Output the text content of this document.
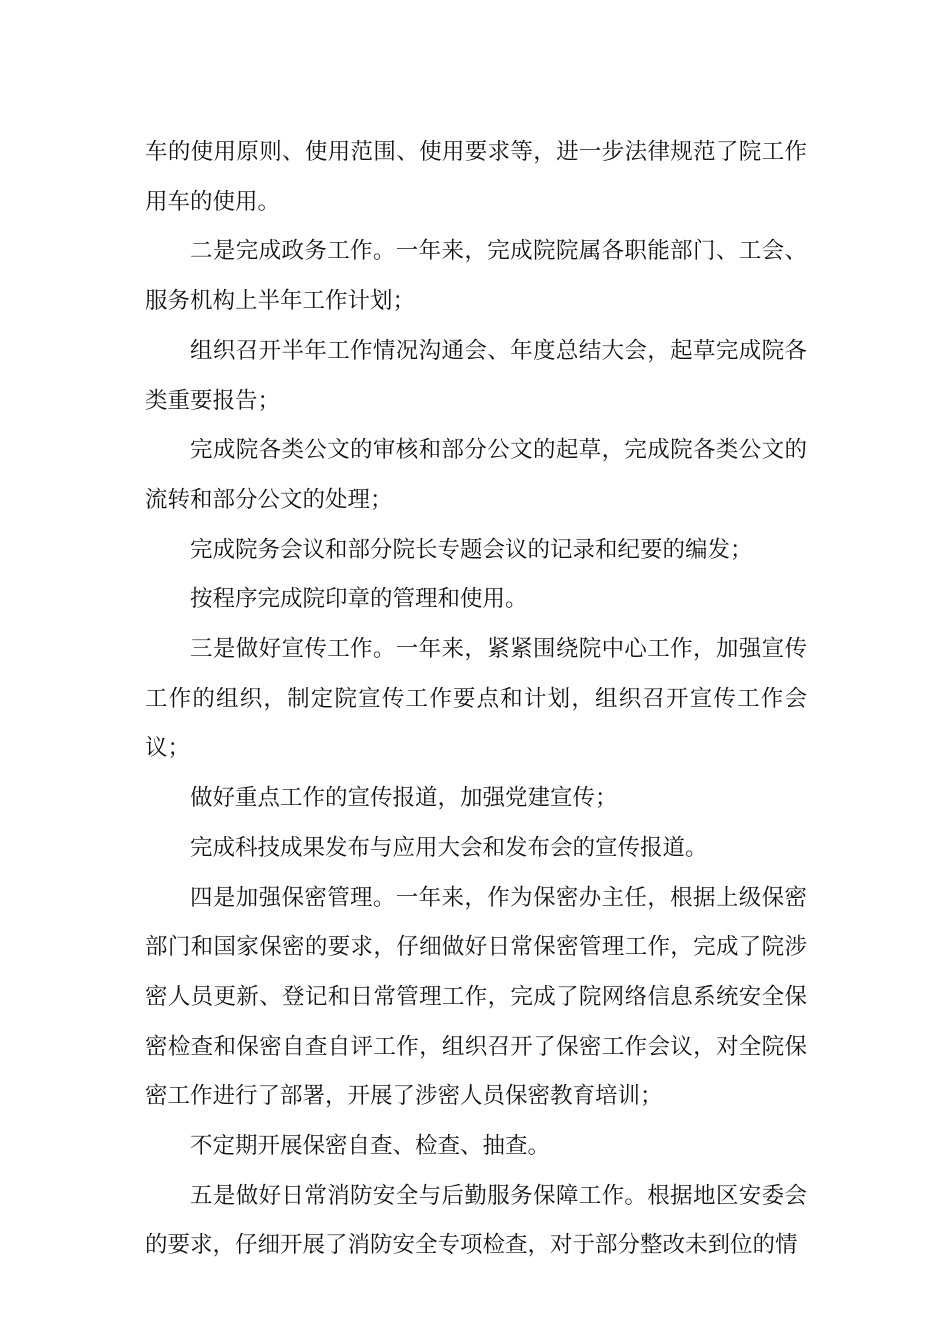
车的使用原则、使用范围、使用要求等，进一步法律规范了院工作用车的使用。

二是完成政务工作。一年来，完成院院属各职能部门、工会、服务机构上半年工作计划；

组织召开半年工作情况沟通会、年度总结大会，起草完成院各类重要报告；

完成院各类公文的审核和部分公文的起草，完成院各类公文的流转和部分公文的处理；

完成院务会议和部分院长专题会议的记录和纪要的编发；

按程序完成院印章的管理和使用。

三是做好宣传工作。一年来，紧紧围绕院中心工作，加强宣传工作的组织，制定院宣传工作要点和计划，组织召开宣传工作会议；

做好重点工作的宣传报道，加强党建宣传；

完成科技成果发布与应用大会和发布会的宣传报道。

四是加强保密管理。一年来，作为保密办主任，根据上级保密部门和国家保密的要求，仔细做好日常保密管理工作，完成了院涉密人员更新、登记和日常管理工作，完成了院网络信息系统安全保密检查和保密自查自评工作，组织召开了保密工作会议，对全院保密工作进行了部署，开展了涉密人员保密教育培训；

不定期开展保密自查、检查、抽查。

五是做好日常消防安全与后勤服务保障工作。根据地区安委会的要求，仔细开展了消防安全专项检查，对于部分整改未到位的情
